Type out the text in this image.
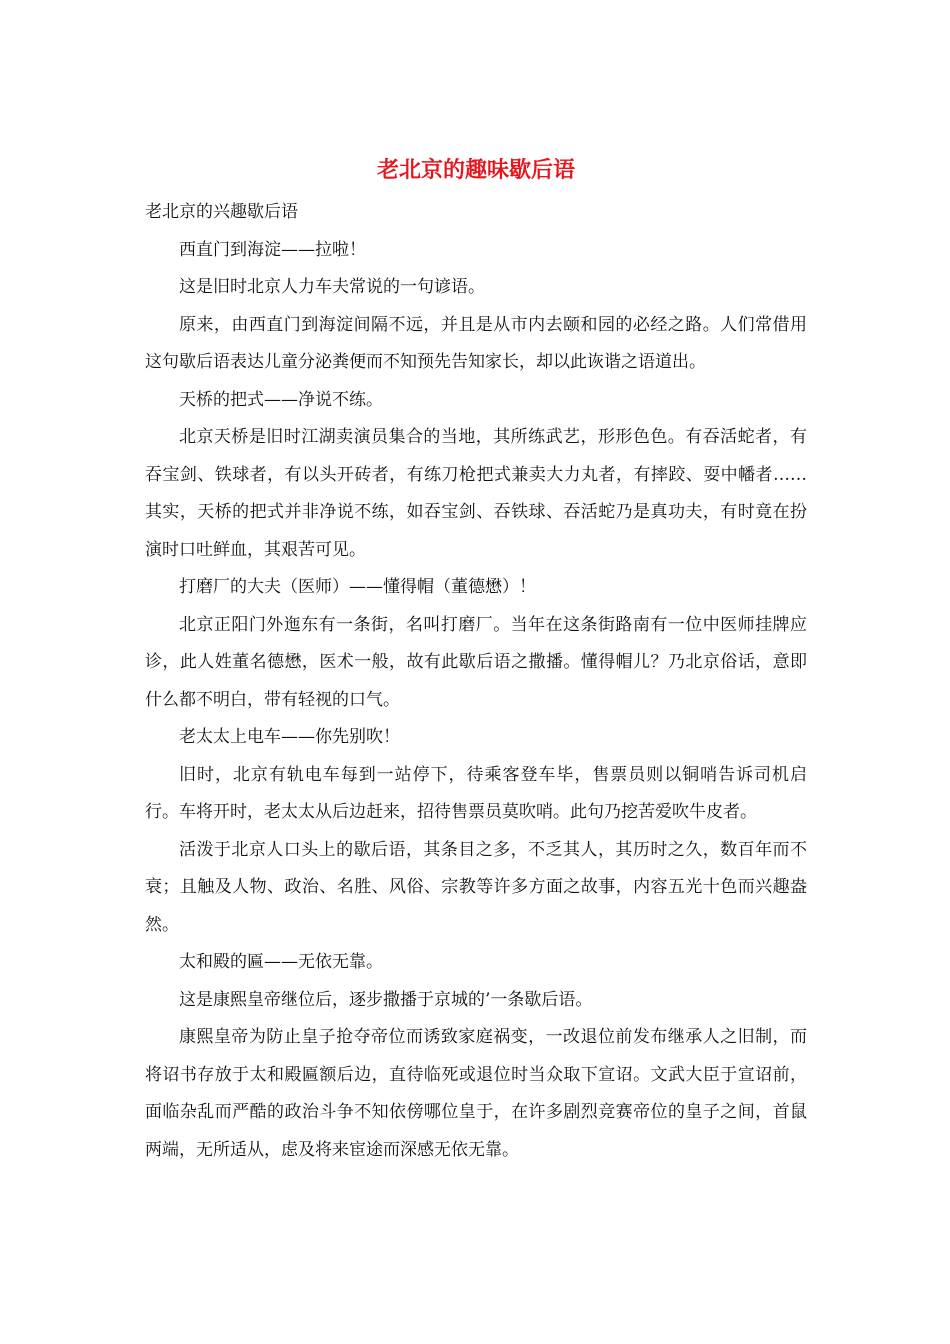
老北京的趣味歇后语

老北京的兴趣歇后语

西直门到海淀——拉啦！

这是旧时北京人力车夫常说的一句谚语。

原来，由西直门到海淀间隔不远，并且是从市内去颐和园的必经之路。人们常借用这句歇后语表达儿童分泌粪便而不知预先告知家长，却以此诙谐之语道出。

天桥的把式——净说不练。

北京天桥是旧时江湖卖演员集合的当地，其所练武艺，形形色色。有吞活蛇者，有吞宝剑、铁球者，有以头开砖者，有练刀枪把式兼卖大力丸者，有摔跤、耍中幡者……其实，天桥的把式并非净说不练，如吞宝剑、吞铁球、吞活蛇乃是真功夫，有时竟在扮演时口吐鲜血，其艰苦可见。

打磨厂的大夫（医师）——懂得帽（董德懋）！

北京正阳门外迤东有一条街，名叫打磨厂。当年在这条街路南有一位中医师挂牌应诊，此人姓董名德懋，医术一般，故有此歇后语之撒播。懂得帽儿？乃北京俗话，意即什么都不明白，带有轻视的口气。

老太太上电车——你先别吹！

旧时，北京有轨电车每到一站停下，待乘客登车毕，售票员则以铜哨告诉司机启行。车将开时，老太太从后边赶来，招待售票员莫吹哨。此句乃挖苦爱吹牛皮者。

活泼于北京人口头上的歇后语，其条目之多，不乏其人，其历时之久，数百年而不衰；且触及人物、政治、名胜、风俗、宗教等许多方面之故事，内容五光十色而兴趣盎然。

太和殿的匾——无依无靠。

这是康熙皇帝继位后，逐步撒播于京城的’一条歇后语。

康熙皇帝为防止皇子抢夺帝位而诱致家庭祸变，一改退位前发布继承人之旧制，而将诏书存放于太和殿匾额后边，直待临死或退位时当众取下宣诏。文武大臣于宣诏前，面临杂乱而严酷的政治斗争不知依傍哪位皇于，在许多剧烈竞赛帝位的皇子之间，首鼠两端，无所适从，虑及将来宦途而深感无依无靠。
